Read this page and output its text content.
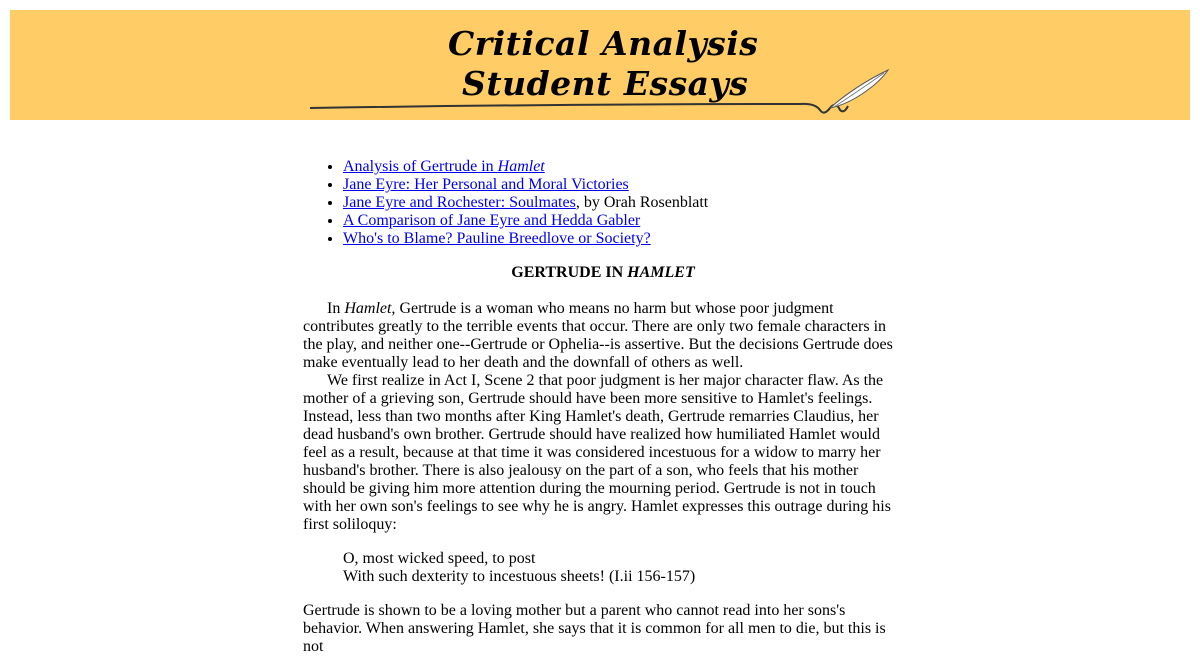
Critical Analysis
Student Essays
• Analysis of Gertrude in Hamlet
• Jane Eyre: Her Personal and Moral Victories
• Jane Eyre and Rochester: Soulmates, by Orah Rosenblatt
• A Comparison of Jane Eyre and Hedda Gabler
• Who's to Blame? Pauline Breedlove or Society?
GERTRUDE IN HAMLET

In Hamlet, Gertrude is a woman who means no harm but whose poor judgment contributes greatly to the terrible events that occur. There are only two female characters in the play, and neither one--Gertrude or Ophelia--is assertive. But the decisions Gertrude does make eventually lead to her death and the downfall of others as well.

We first realize in Act I, Scene 2 that poor judgment is her major character flaw. As the mother of a grieving son, Gertrude should have been more sensitive to Hamlet's feelings. Instead, less than two months after King Hamlet's death, Gertrude remarries Claudius, her dead husband's own brother. Gertrude should have realized how humiliated Hamlet would feel as a result, because at that time it was considered incestuous for a widow to marry her husband's brother. There is also jealousy on the part of a son, who feels that his mother should be giving him more attention during the mourning period. Gertrude is not in touch with her own son's feelings to see why he is angry. Hamlet expresses this outrage during his first soliloquy:

O, most wicked speed, to post
With such dexterity to incestuous sheets! (I.ii 156-157)

Gertrude is shown to be a loving mother but a parent who cannot read into her sons's behavior. When answering Hamlet, she says that it is common for all men to die, but this is not
